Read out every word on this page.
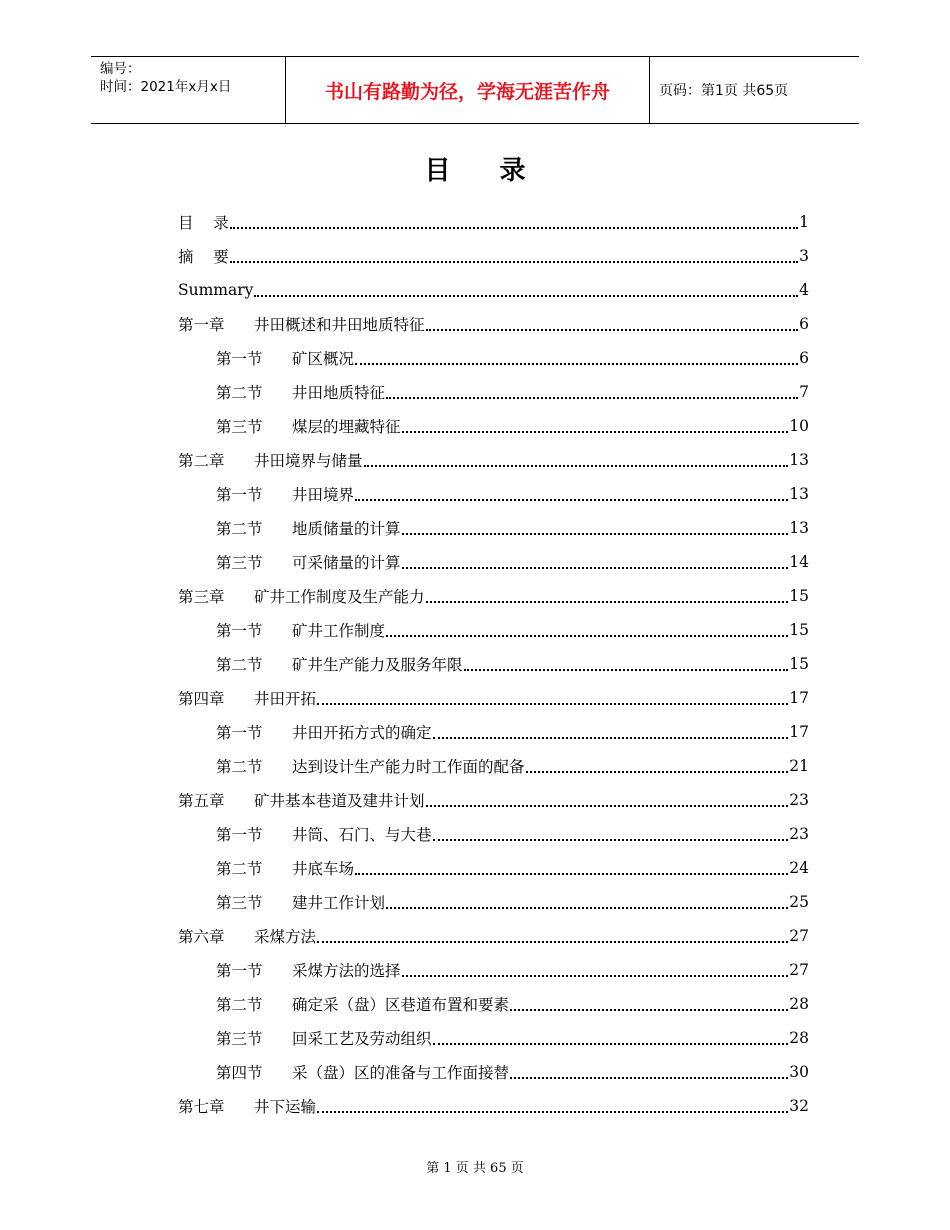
编号：
时间：2021年x月x日	书山有路勤为径，学海无涯苦作舟	页码：第1页 共65页
目 录
目    录	1
摘    要	3
Summary	4
第一章 井田概述和井田地质特征	6
第一节 矿区概况	6
第二节 井田地质特征	7
第三节 煤层的埋藏特征	10
第二章 井田境界与储量	13
第一节 井田境界	13
第二节 地质储量的计算	13
第三节 可采储量的计算	14
第三章 矿井工作制度及生产能力	15
第一节 矿井工作制度	15
第二节 矿井生产能力及服务年限	15
第四章 井田开拓	17
第一节 井田开拓方式的确定	17
第二节 达到设计生产能力时工作面的配备	21
第五章 矿井基本巷道及建井计划	23
第一节 井筒、石门、与大巷	23
第二节 井底车场	24
第三节 建井工作计划	25
第六章 采煤方法	27
第一节 采煤方法的选择	27
第二节 确定采（盘）区巷道布置和要素	28
第三节 回采工艺及劳动组织	28
第四节 采（盘）区的准备与工作面接替	30
第七章 井下运输	32
第 1 页 共 65 页
